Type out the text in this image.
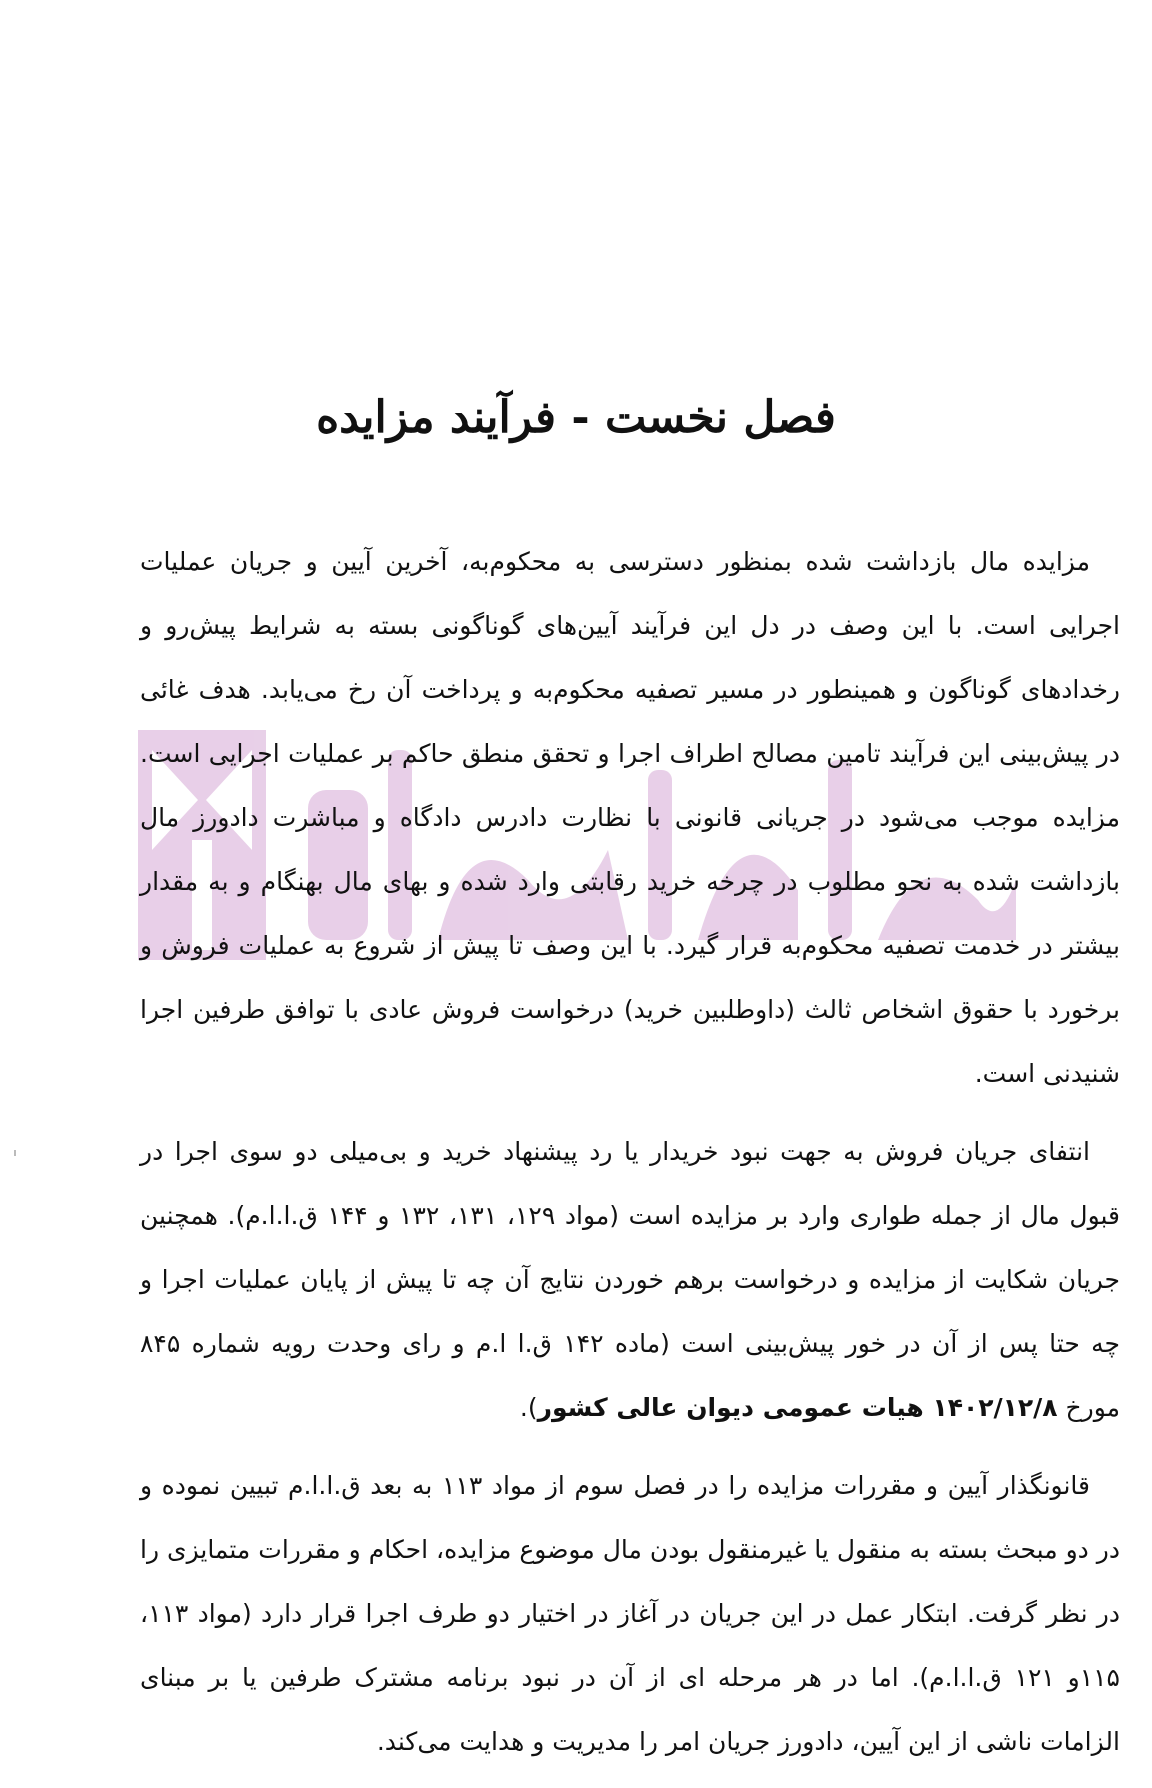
فصل نخست - فرآیند مزایده

مزایده مال بازداشت شده بمنظور دسترسی به محکوم‌به، آخرین آیین و جریان عملیات اجرایی است. با این وصف در دل این فرآیند آیین‌های گوناگونی بسته به شرایط پیش‌رو و رخدادهای گوناگون و همینطور در مسیر تصفیه محکوم‌به و پرداخت آن رخ می‌یابد. هدف غائی در پیش‌بینی این فرآیند تامین مصالح اطراف اجرا و تحقق منطق حاکم بر عملیات اجرایی است. مزایده موجب می‌شود در جریانی قانونی با نظارت دادرس دادگاه و مباشرت دادورز مال بازداشت شده به نحو مطلوب در چرخه خرید رقابتی وارد شده و بهای مال بهنگام و به مقدار بیشتر در خدمت تصفیه محکوم‌به قرار گیرد. با این وصف تا پیش از شروع به عملیات فروش و برخورد با حقوق اشخاص ثالث (داوطلبین خرید) درخواست فروش عادی با توافق طرفین اجرا شنیدنی است.

انتفای جریان فروش به جهت نبود خریدار یا رد پیشنهاد خرید و بی‌میلی دو سوی اجرا در قبول مال از جمله طواری وارد بر مزایده است (مواد ۱۲۹، ۱۳۱، ۱۳۲ و ۱۴۴ ق.ا.ا.م). همچنین جریان شکایت از مزایده و درخواست برهم خوردن نتایج آن چه تا پیش از پایان عملیات اجرا و چه حتا پس از آن در خور پیش‌بینی است (ماده ۱۴۲ ق.ا ا.م و رای وحدت رویه شماره ۸۴۵ مورخ ۱۴۰۲/۱۲/۸ هیات عمومی دیوان عالی کشور).

قانونگذار آیین و مقررات مزایده را در فصل سوم از مواد ۱۱۳ به بعد ق.ا.ا.م تبیین نموده و در دو مبحث بسته به منقول یا غیرمنقول بودن مال موضوع مزایده، احکام و مقررات متمایزی را در نظر گرفت. ابتکار عمل در این جریان در آغاز در اختیار دو طرف اجرا قرار دارد (مواد ۱۱۳، ۱۱۵و ۱۲۱ ق.ا.ا.م). اما در هر مرحله ای از آن در نبود برنامه مشترک طرفین یا بر مبنای الزامات ناشی از این آیین، دادورز جریان امر را مدیریت و هدایت می‌کند.
